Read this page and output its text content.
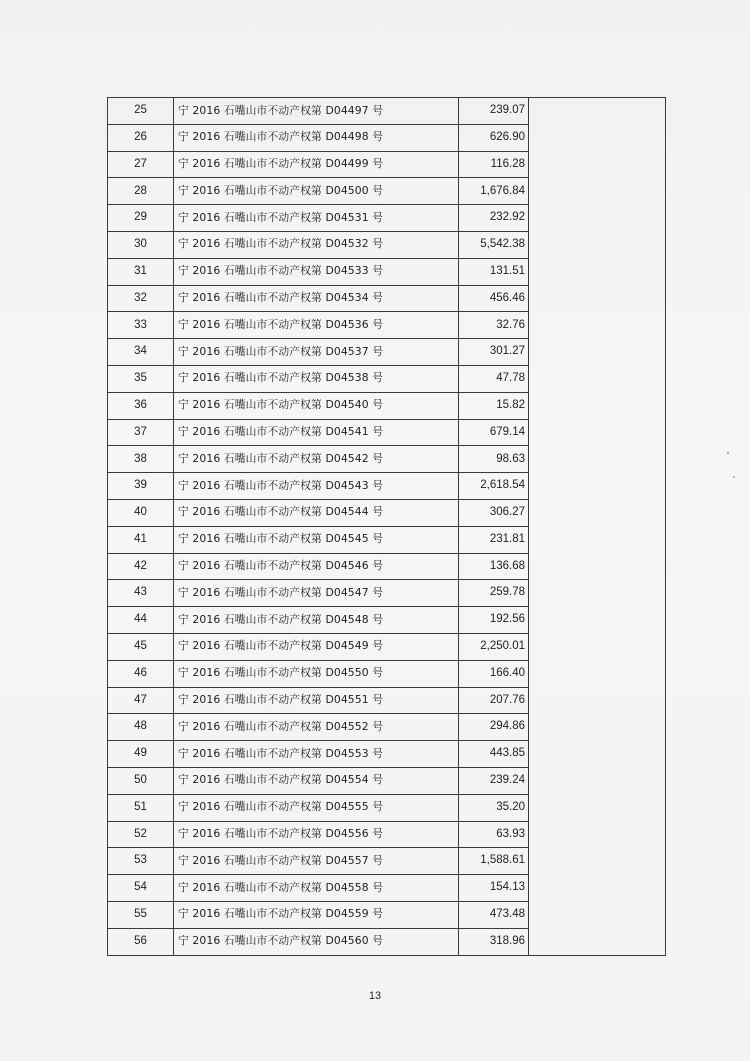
25	宁 2016 石嘴山市不动产权第 D04497 号	239.07	
26	宁 2016 石嘴山市不动产权第 D04498 号	626.90	
27	宁 2016 石嘴山市不动产权第 D04499 号	116.28	
28	宁 2016 石嘴山市不动产权第 D04500 号	1,676.84	
29	宁 2016 石嘴山市不动产权第 D04531 号	232.92	
30	宁 2016 石嘴山市不动产权第 D04532 号	5,542.38	
31	宁 2016 石嘴山市不动产权第 D04533 号	131.51	
32	宁 2016 石嘴山市不动产权第 D04534 号	456.46	
33	宁 2016 石嘴山市不动产权第 D04536 号	32.76	
34	宁 2016 石嘴山市不动产权第 D04537 号	301.27	
35	宁 2016 石嘴山市不动产权第 D04538 号	47.78	
36	宁 2016 石嘴山市不动产权第 D04540 号	15.82	
37	宁 2016 石嘴山市不动产权第 D04541 号	679.14	
38	宁 2016 石嘴山市不动产权第 D04542 号	98.63	
39	宁 2016 石嘴山市不动产权第 D04543 号	2,618.54	
40	宁 2016 石嘴山市不动产权第 D04544 号	306.27	
41	宁 2016 石嘴山市不动产权第 D04545 号	231.81	
42	宁 2016 石嘴山市不动产权第 D04546 号	136.68	
43	宁 2016 石嘴山市不动产权第 D04547 号	259.78	
44	宁 2016 石嘴山市不动产权第 D04548 号	192.56	
45	宁 2016 石嘴山市不动产权第 D04549 号	2,250.01	
46	宁 2016 石嘴山市不动产权第 D04550 号	166.40	
47	宁 2016 石嘴山市不动产权第 D04551 号	207.76	
48	宁 2016 石嘴山市不动产权第 D04552 号	294.86	
49	宁 2016 石嘴山市不动产权第 D04553 号	443.85	
50	宁 2016 石嘴山市不动产权第 D04554 号	239.24	
51	宁 2016 石嘴山市不动产权第 D04555 号	35.20	
52	宁 2016 石嘴山市不动产权第 D04556 号	63.93	
53	宁 2016 石嘴山市不动产权第 D04557 号	1,588.61	
54	宁 2016 石嘴山市不动产权第 D04558 号	154.13	
55	宁 2016 石嘴山市不动产权第 D04559 号	473.48	
56	宁 2016 石嘴山市不动产权第 D04560 号	318.96	
13
